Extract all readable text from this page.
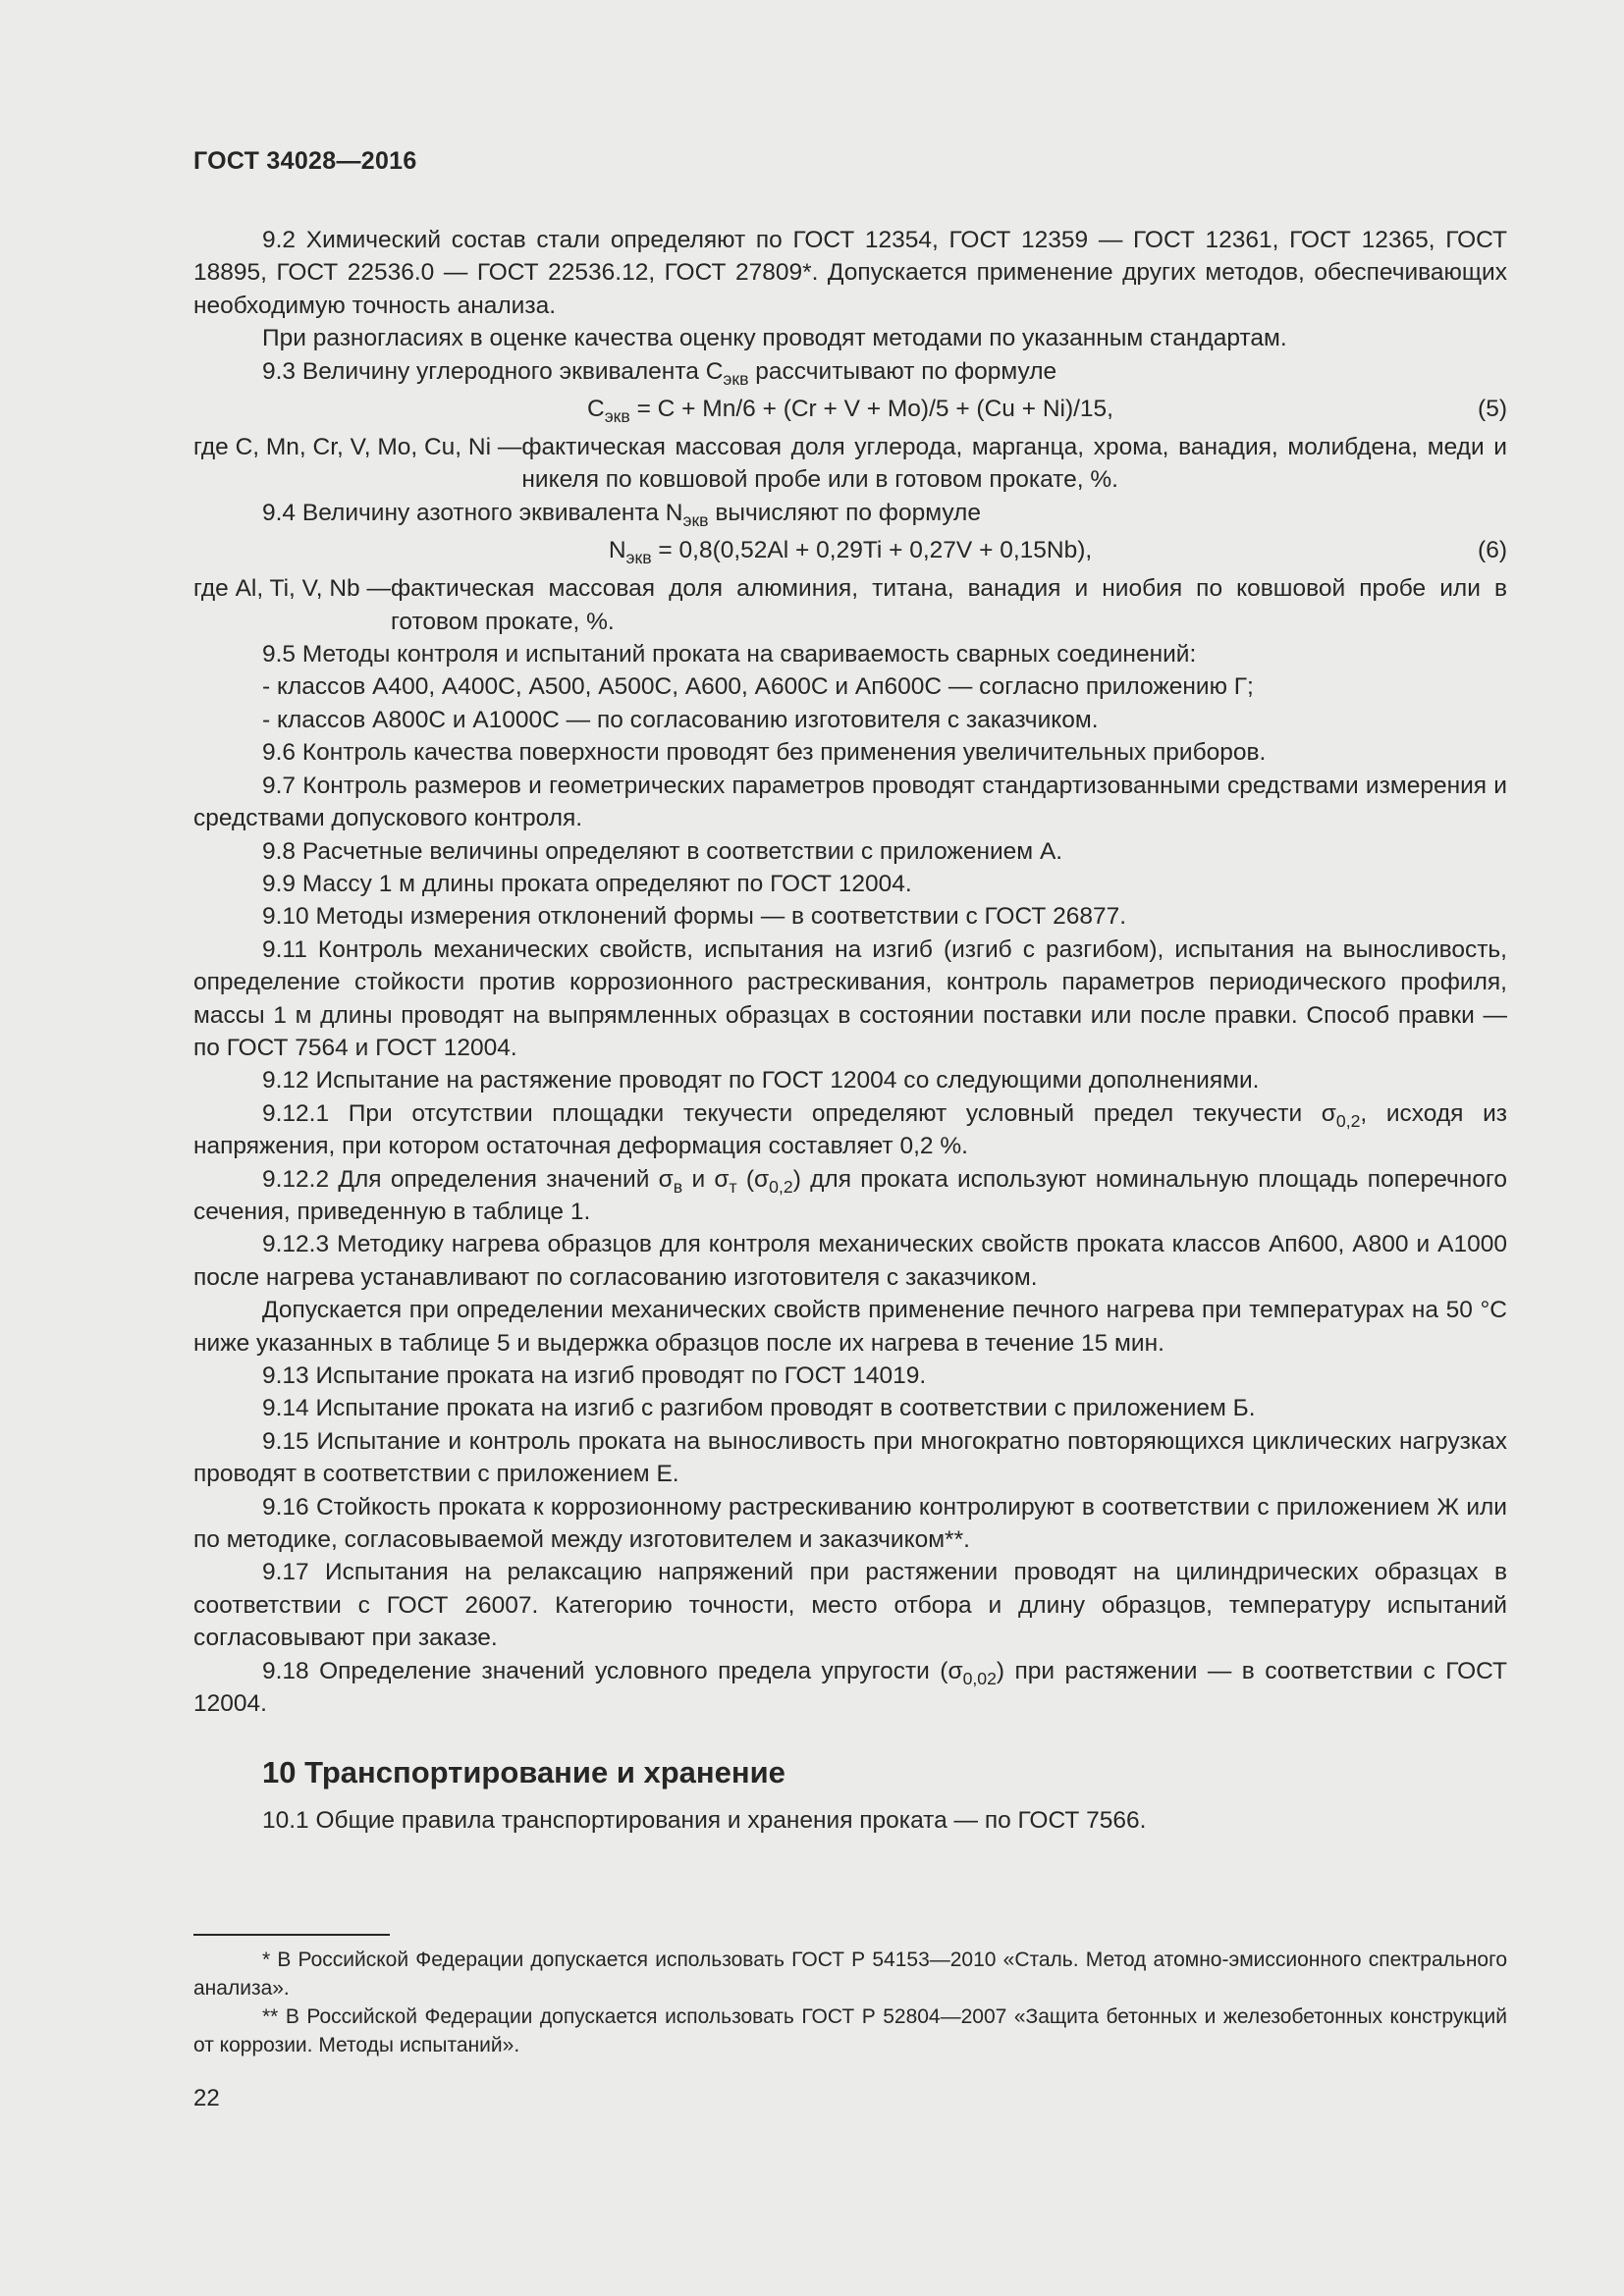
ГОСТ 34028—2016

9.2 Химический состав стали определяют по ГОСТ 12354, ГОСТ 12359 — ГОСТ 12361, ГОСТ 12365, ГОСТ 18895, ГОСТ 22536.0 — ГОСТ 22536.12, ГОСТ 27809*. Допускается применение других методов, обеспечивающих необходимую точность анализа.

При разногласиях в оценке качества оценку проводят методами по указанным стандартам.

9.3 Величину углеродного эквивалента $C_{экв}$ рассчитывают по формуле

$C_{экв} = C + Mn/6 + (Cr + V + Mo)/5 + (Cu + Ni)/15$,	(5)
где C, Mn, Cr, V, Mo, Cu, Ni — фактическая массовая доля углерода, марганца, хрома, ванадия, молибдена, меди и никеля по ковшовой пробе или в готовом прокате, %.

9.4 Величину азотного эквивалента $N_{экв}$ вычисляют по формуле

$N_{экв} = 0,8(0,52Al + 0,29Ti + 0,27V + 0,15Nb)$,	(6)
где Al, Ti, V, Nb — фактическая массовая доля алюминия, титана, ванадия и ниобия по ковшовой пробе или в готовом прокате, %.

9.5 Методы контроля и испытаний проката на свариваемость сварных соединений:

- классов А400, А400С, А500, А500С, А600, А600С и Ап600С — согласно приложению Г;

- классов А800С и А1000С — по согласованию изготовителя с заказчиком.

9.6 Контроль качества поверхности проводят без применения увеличительных приборов.

9.7 Контроль размеров и геометрических параметров проводят стандартизованными средствами измерения и средствами допускового контроля.

9.8 Расчетные величины определяют в соответствии с приложением А.

9.9 Массу 1 м длины проката определяют по ГОСТ 12004.

9.10 Методы измерения отклонений формы — в соответствии с ГОСТ 26877.

9.11 Контроль механических свойств, испытания на изгиб (изгиб с разгибом), испытания на выносливость, определение стойкости против коррозионного растрескивания, контроль параметров периодического профиля, массы 1 м длины проводят на выпрямленных образцах в состоянии поставки или после правки. Способ правки — по ГОСТ 7564 и ГОСТ 12004.

9.12 Испытание на растяжение проводят по ГОСТ 12004 со следующими дополнениями.

9.12.1 При отсутствии площадки текучести определяют условный предел текучести $\sigma_{0,2}$, исходя из напряжения, при котором остаточная деформация составляет 0,2 %.

9.12.2 Для определения значений $\sigma_в$ и $\sigma_т$ $(\sigma_{0,2})$ для проката используют номинальную площадь поперечного сечения, приведенную в таблице 1.

9.12.3 Методику нагрева образцов для контроля механических свойств проката классов Ап600, А800 и А1000 после нагрева устанавливают по согласованию изготовителя с заказчиком.

Допускается при определении механических свойств применение печного нагрева при температурах на 50 °С ниже указанных в таблице 5 и выдержка образцов после их нагрева в течение 15 мин.

9.13 Испытание проката на изгиб проводят по ГОСТ 14019.

9.14 Испытание проката на изгиб с разгибом проводят в соответствии с приложением Б.

9.15 Испытание и контроль проката на выносливость при многократно повторяющихся циклических нагрузках проводят в соответствии с приложением Е.

9.16 Стойкость проката к коррозионному растрескиванию контролируют в соответствии с приложением Ж или по методике, согласовываемой между изготовителем и заказчиком**.

9.17 Испытания на релаксацию напряжений при растяжении проводят на цилиндрических образцах в соответствии с ГОСТ 26007. Категорию точности, место отбора и длину образцов, температуру испытаний согласовывают при заказе.

9.18 Определение значений условного предела упругости $(\sigma_{0,02})$ при растяжении — в соответствии с ГОСТ 12004.

10 Транспортирование и хранение

10.1 Общие правила транспортирования и хранения проката — по ГОСТ 7566.

* В Российской Федерации допускается использовать ГОСТ Р 54153—2010 «Сталь. Метод атомно-эмиссионного спектрального анализа».

** В Российской Федерации допускается использовать ГОСТ Р 52804—2007 «Защита бетонных и железобетонных конструкций от коррозии. Методы испытаний».

22
